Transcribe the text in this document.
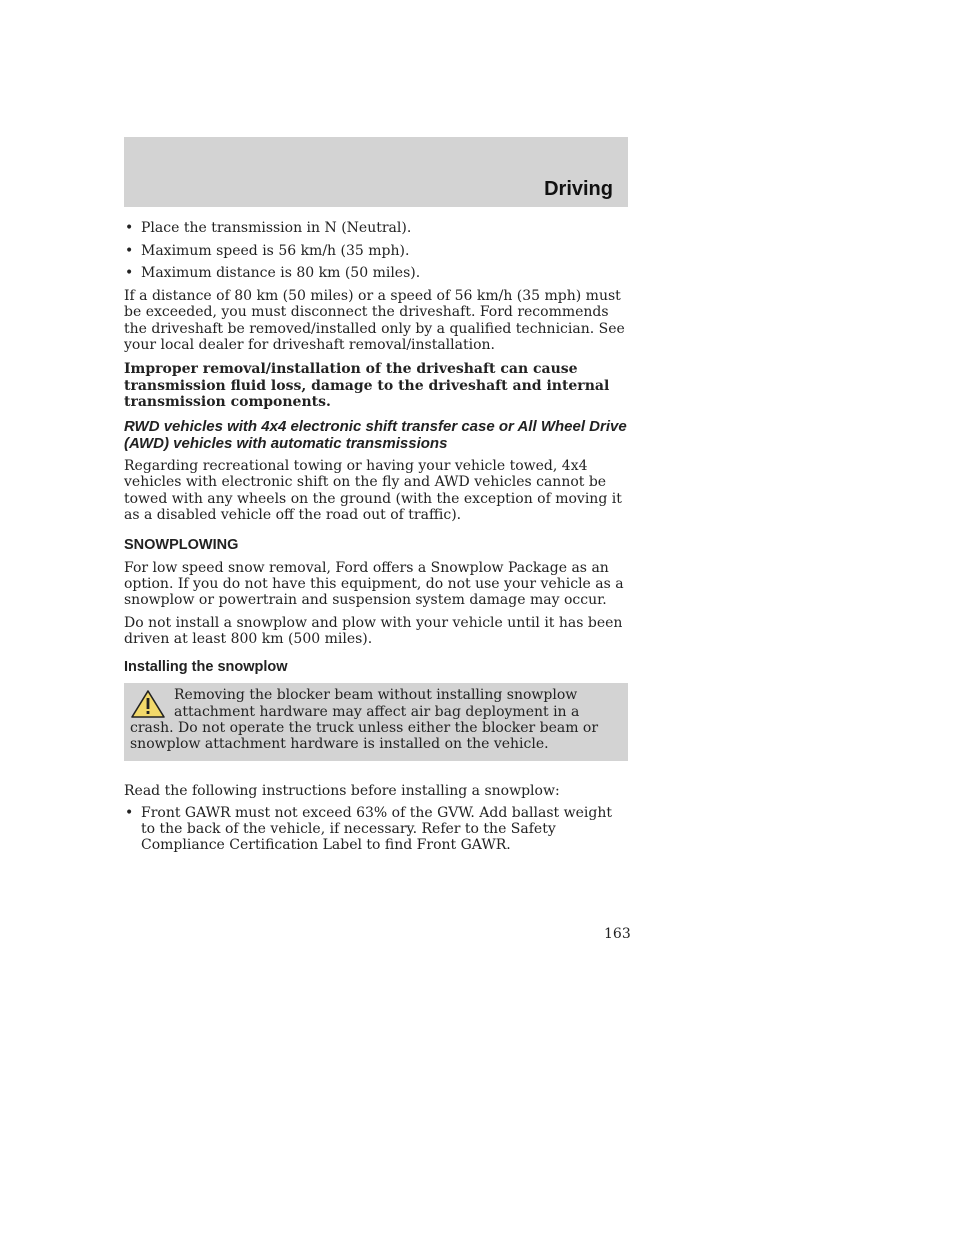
Driving
• Place the transmission in N (Neutral).
• Maximum speed is 56 km/h (35 mph).
• Maximum distance is 80 km (50 miles).

If a distance of 80 km (50 miles) or a speed of 56 km/h (35 mph) must be exceeded, you must disconnect the driveshaft. Ford recommends the driveshaft be removed/installed only by a qualified technician. See your local dealer for driveshaft removal/installation.

Improper removal/installation of the driveshaft can cause transmission fluid loss, damage to the driveshaft and internal transmission components.

RWD vehicles with 4x4 electronic shift transfer case or All Wheel Drive (AWD) vehicles with automatic transmissions

Regarding recreational towing or having your vehicle towed, 4x4 vehicles with electronic shift on the fly and AWD vehicles cannot be towed with any wheels on the ground (with the exception of moving it as a disabled vehicle off the road out of traffic).

SNOWPLOWING

For low speed snow removal, Ford offers a Snowplow Package as an option. If you do not have this equipment, do not use your vehicle as a snowplow or powertrain and suspension system damage may occur.

Do not install a snowplow and plow with your vehicle until it has been driven at least 800 km (500 miles).

Installing the snowplow
Removing the blocker beam without installing snowplow attachment hardware may affect air bag deployment in a crash. Do not operate the truck unless either the blocker beam or snowplow attachment hardware is installed on the vehicle.

Read the following instructions before installing a snowplow:

• Front GAWR must not exceed 63% of the GVW. Add ballast weight to the back of the vehicle, if necessary. Refer to the Safety Compliance Certification Label to find Front GAWR.
163
